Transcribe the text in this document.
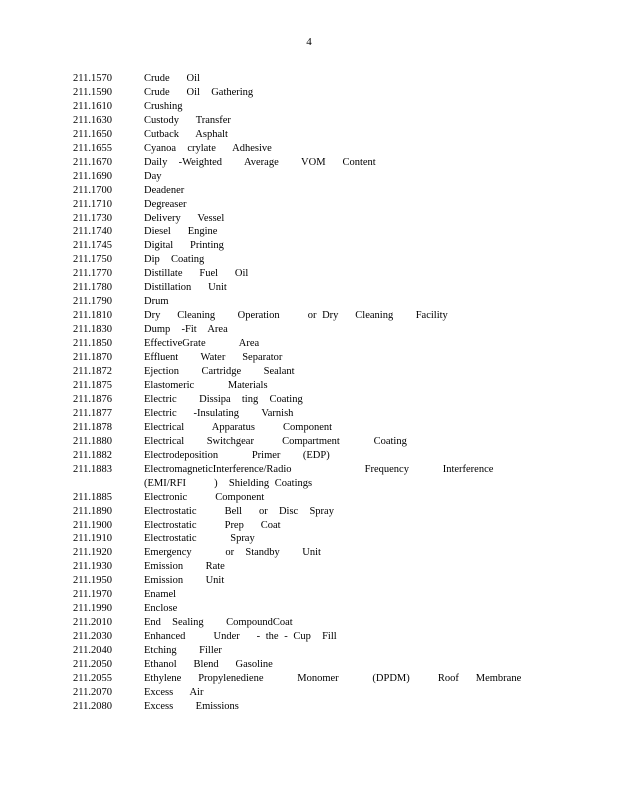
4
211.1570	Crude   Oil
211.1590	Crude   Oil  Gathering
211.1610	Crushing
211.1630	Custody   Transfer
211.1650	Cutback   Asphalt
211.1655	Cyanoa  crylate   Adhesive
211.1670	Daily  -Weighted    Average    VOM   Content
211.1690	Day
211.1700	Deadener
211.1710	Degreaser
211.1730	Delivery   Vessel
211.1740	Diesel   Engine
211.1745	Digital   Printing
211.1750	Dip  Coating
211.1770	Distillate   Fuel   Oil
211.1780	Distillation   Unit
211.1790	Drum
211.1810	Dry   Cleaning    Operation     or Dry   Cleaning    Facility
211.1830	Dump  -Fit  Area
211.1850	EffectiveGrate      Area
211.1870	Effluent    Water   Separator
211.1872	Ejection    Cartridge    Sealant
211.1875	Elastomeric      Materials
211.1876	Electric    Dissipa  ting  Coating
211.1877	Electric   -Insulating    Varnish
211.1878	Electrical     Apparatus     Component
211.1880	Electrical    Switchgear     Compartment      Coating
211.1882	Electrodeposition      Primer    (EDP)
211.1883	ElectromagneticInterference/Radio             Frequency      Interference       (EMI/RFI     )  Shielding Coatings
211.1885	Electronic     Component
211.1890	Electrostatic     Bell   or  Disc  Spray
211.1900	Electrostatic     Prep   Coat
211.1910	Electrostatic      Spray
211.1920	Emergency      or  Standby    Unit
211.1930	Emission    Rate
211.1950	Emission    Unit
211.1970	Enamel
211.1990	Enclose
211.2010	End  Sealing    CompoundCoat
211.2030	Enhanced     Under   - the - Cup  Fill
211.2040	Etching    Filler
211.2050	Ethanol   Blend   Gasoline
211.2055	Ethylene   Propylenediene      Monomer      (DPDM)     Roof   Membrane
211.2070	Excess   Air
211.2080	Excess    Emissions
